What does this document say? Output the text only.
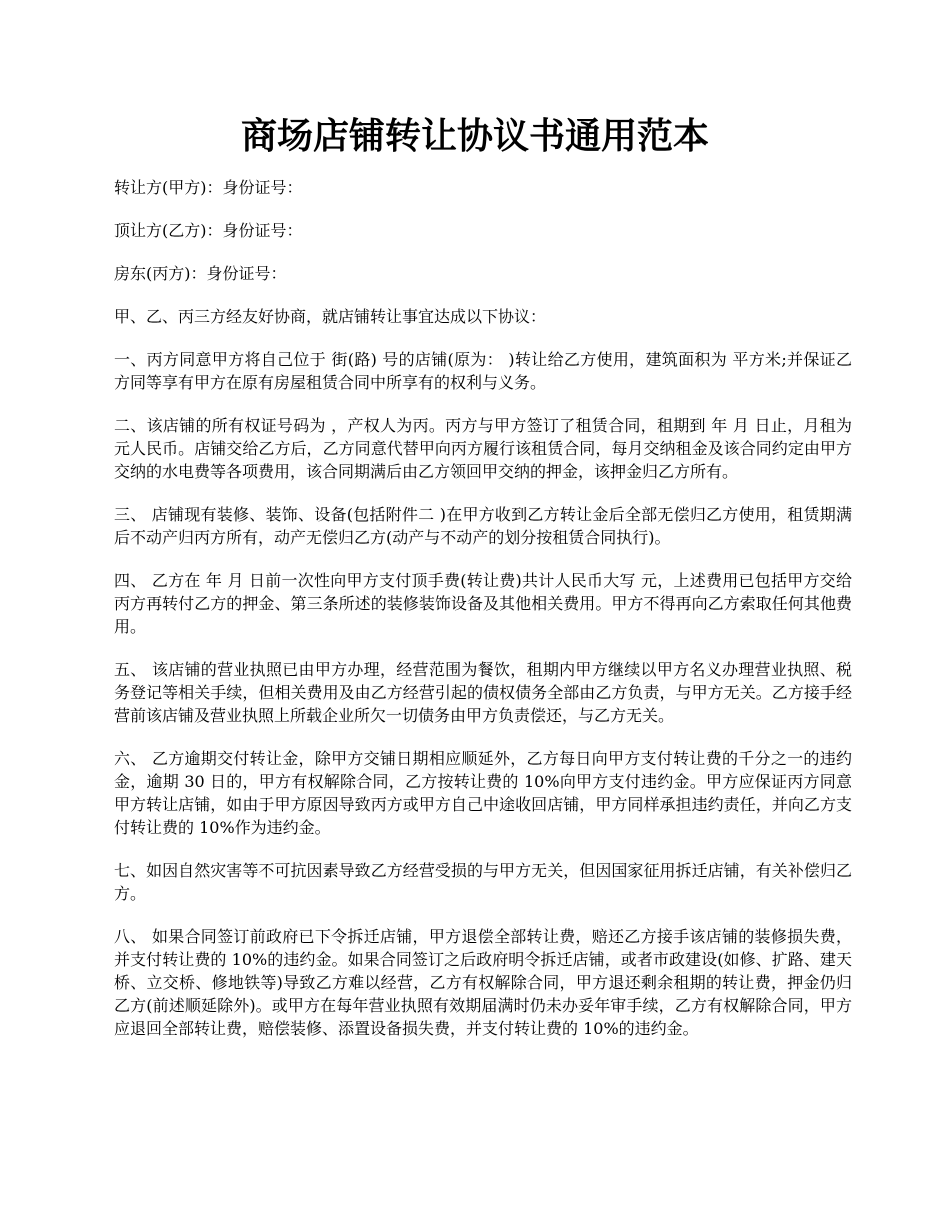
商场店铺转让协议书通用范本

转让方(甲方)：身份证号：

顶让方(乙方)：身份证号：

房东(丙方)：身份证号：

甲、乙、丙三方经友好协商，就店铺转让事宜达成以下协议：

一、丙方同意甲方将自己位于 街(路) 号的店铺(原为： )转让给乙方使用，建筑面积为 平方米;并保证乙方同等享有甲方在原有房屋租赁合同中所享有的权利与义务。

二、该店铺的所有权证号码为 ，产权人为丙。丙方与甲方签订了租赁合同，租期到 年 月 日止，月租为 元人民币。店铺交给乙方后，乙方同意代替甲向丙方履行该租赁合同，每月交纳租金及该合同约定由甲方交纳的水电费等各项费用，该合同期满后由乙方领回甲交纳的押金，该押金归乙方所有。

三、 店铺现有装修、装饰、设备(包括附件二 )在甲方收到乙方转让金后全部无偿归乙方使用，租赁期满后不动产归丙方所有，动产无偿归乙方(动产与不动产的划分按租赁合同执行)。

四、 乙方在 年 月 日前一次性向甲方支付顶手费(转让费)共计人民币大写 元，上述费用已包括甲方交给丙方再转付乙方的押金、第三条所述的装修装饰设备及其他相关费用。甲方不得再向乙方索取任何其他费用。

五、 该店铺的营业执照已由甲方办理，经营范围为餐饮，租期内甲方继续以甲方名义办理营业执照、税务登记等相关手续，但相关费用及由乙方经营引起的债权债务全部由乙方负责，与甲方无关。乙方接手经营前该店铺及营业执照上所载企业所欠一切债务由甲方负责偿还，与乙方无关。

六、 乙方逾期交付转让金，除甲方交铺日期相应顺延外，乙方每日向甲方支付转让费的千分之一的违约金，逾期 30 日的，甲方有权解除合同，乙方按转让费的 10%向甲方支付违约金。甲方应保证丙方同意甲方转让店铺，如由于甲方原因导致丙方或甲方自己中途收回店铺，甲方同样承担违约责任，并向乙方支付转让费的 10%作为违约金。

七、如因自然灾害等不可抗因素导致乙方经营受损的与甲方无关，但因国家征用拆迁店铺，有关补偿归乙方。

八、 如果合同签订前政府已下令拆迁店铺，甲方退偿全部转让费，赔还乙方接手该店铺的装修损失费，并支付转让费的 10%的违约金。如果合同签订之后政府明令拆迁店铺，或者市政建设(如修、扩路、建天桥、立交桥、修地铁等)导致乙方难以经营，乙方有权解除合同，甲方退还剩余租期的转让费，押金仍归乙方(前述顺延除外)。或甲方在每年营业执照有效期届满时仍未办妥年审手续，乙方有权解除合同，甲方应退回全部转让费，赔偿装修、添置设备损失费，并支付转让费的 10%的违约金。
